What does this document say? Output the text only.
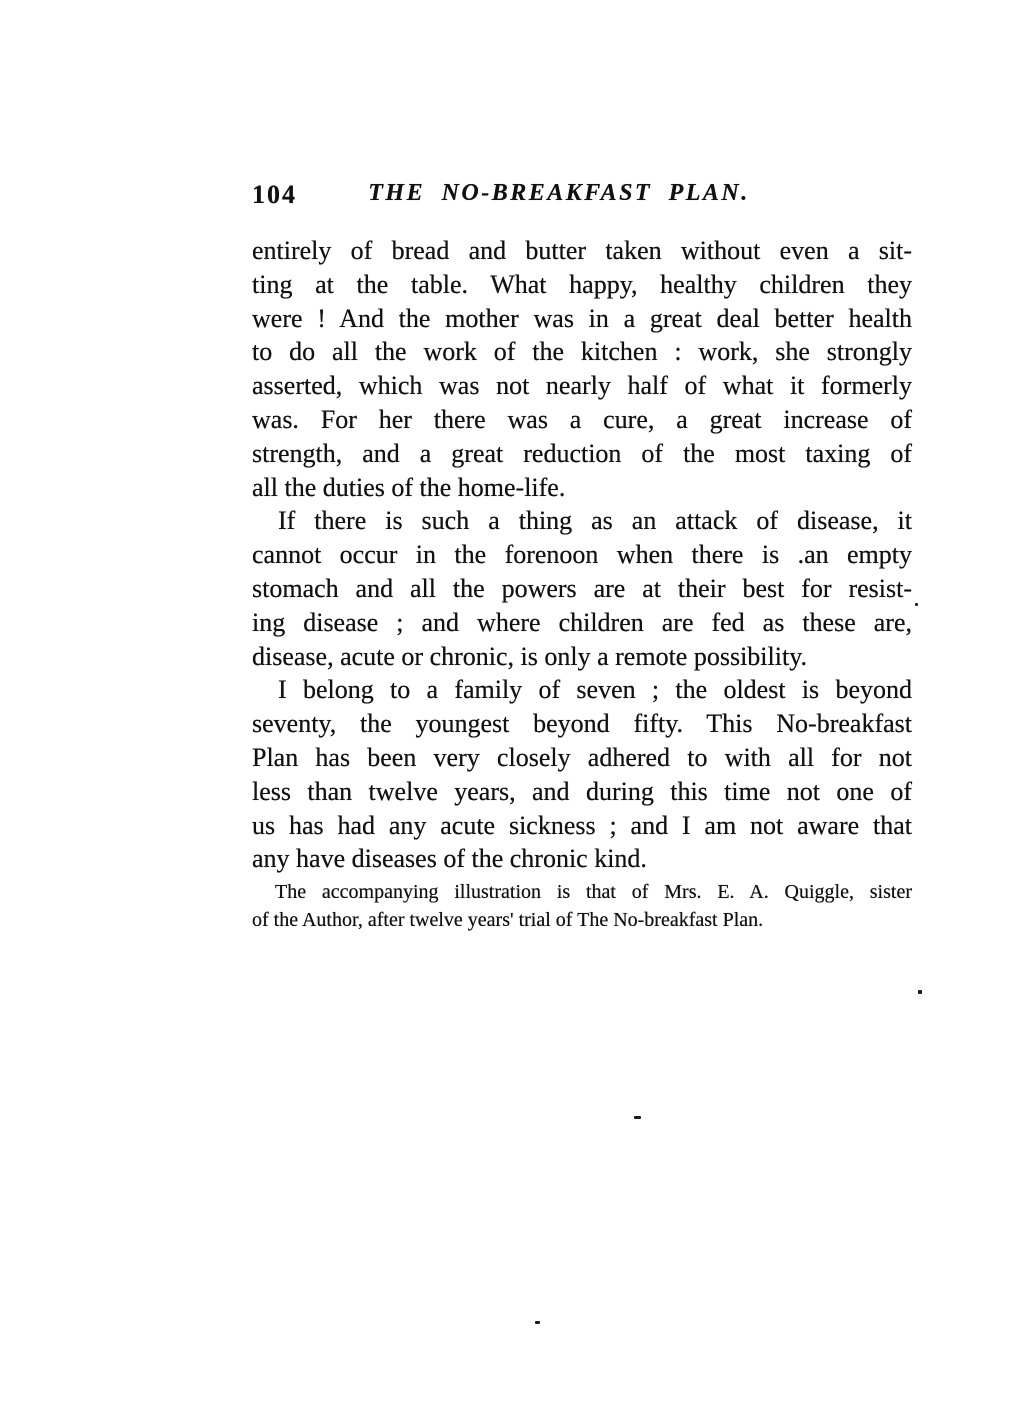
104	THE NO-BREAKFAST PLAN.
entirely of bread and butter taken without even a sit-
ting at the table. What happy, healthy children they
were ! And the mother was in a great deal better health
to do all the work of the kitchen : work, she strongly
asserted, which was not nearly half of what it formerly
was. For her there was a cure, a great increase of
strength, and a great reduction of the most taxing of
all the duties of the home-life.
If there is such a thing as an attack of disease, it
cannot occur in the forenoon when there is .an empty
stomach and all the powers are at their best for resist-
ing disease ; and where children are fed as these are,
disease, acute or chronic, is only a remote possibility.
I belong to a family of seven ; the oldest is beyond
seventy, the youngest beyond fifty. This No-breakfast
Plan has been very closely adhered to with all for not
less than twelve years, and during this time not one of
us has had any acute sickness ; and I am not aware that
any have diseases of the chronic kind.
The accompanying illustration is that of Mrs. E. A. Quiggle, sister
of the Author, after twelve years' trial of The No-breakfast Plan.
